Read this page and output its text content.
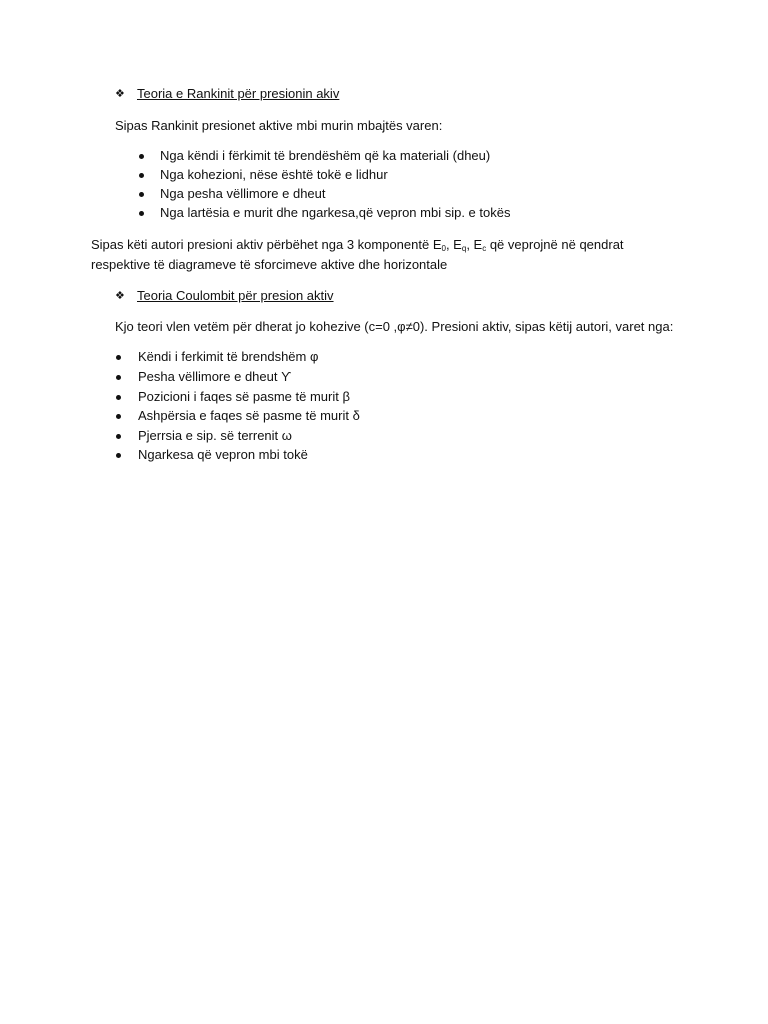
❖ Teoria e Rankinit për presionin akiv
Sipas Rankinit presionet aktive mbi murin mbajtës varen:
Nga këndi i fërkimit të brendëshëm që ka materiali (dheu)
Nga kohezioni, nëse është tokë e lidhur
Nga pesha vëllimore e dheut
Nga lartësia e murit dhe ngarkesa,që vepron mbi sip. e tokës
Sipas këti autori presioni aktiv përbëhet nga 3 komponentë $E_0$, $E_q$, $E_c$ që veprojnë në qendrat
respektive të diagrameve të sforcimeve aktive dhe horizontale
❖ Teoria Coulombit për presion aktiv
Kjo teori vlen vetëm për dherat jo kohezive (c=0 ,φ≠0). Presioni aktiv, sipas këtij autori, varet nga:
Këndi i ferkimit të brendshëm φ
Pesha vëllimore e dheut ϒ
Pozicioni i faqes së pasme të murit β
Ashpërsia e faqes së pasme të murit δ
Pjerrsia e sip. së terrenit ω
Ngarkesa që vepron mbi tokë
